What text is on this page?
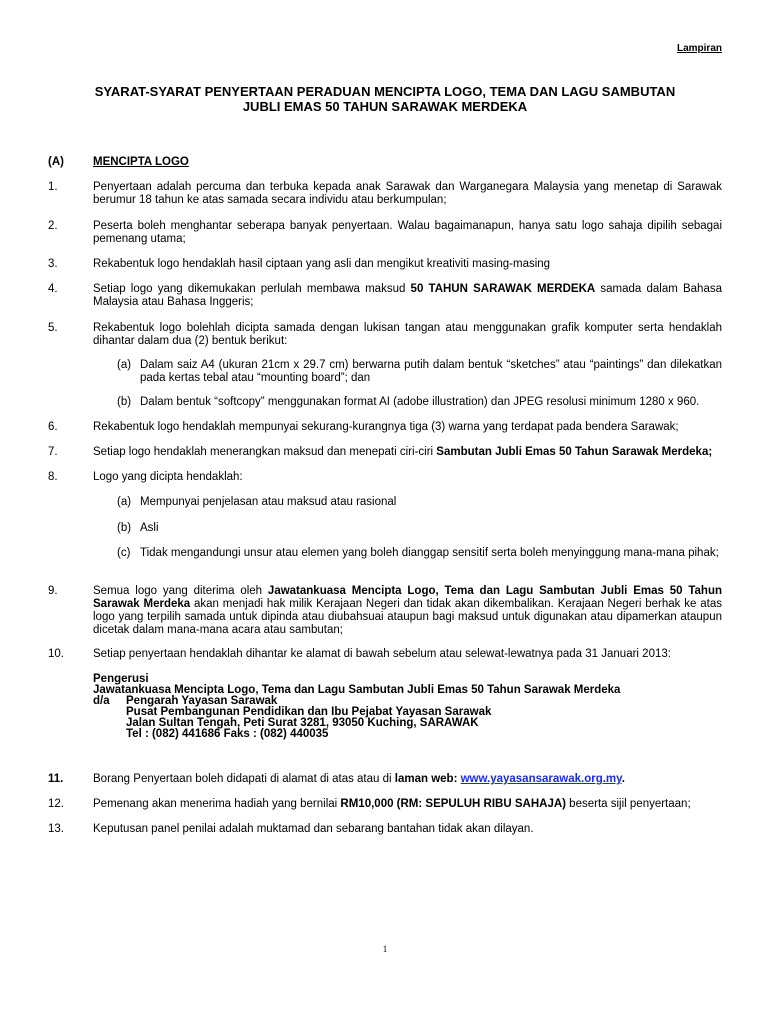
Lampiran
SYARAT-SYARAT PENYERTAAN PERADUAN MENCIPTA LOGO, TEMA DAN LAGU SAMBUTAN
JUBLI EMAS 50 TAHUN SARAWAK MERDEKA
(A)	MENCIPTA LOGO
1.	Penyertaan adalah percuma dan terbuka kepada anak Sarawak dan Warganegara Malaysia yang menetap di Sarawak berumur 18 tahun ke atas samada secara individu atau berkumpulan;
2.	Peserta boleh menghantar seberapa banyak penyertaan. Walau bagaimanapun, hanya satu logo sahaja dipilih sebagai pemenang utama;
3.	Rekabentuk logo hendaklah hasil ciptaan yang asli dan mengikut kreativiti masing-masing
4.	Setiap logo yang dikemukakan perlulah membawa maksud 50 TAHUN SARAWAK MERDEKA samada dalam Bahasa Malaysia atau Bahasa Inggeris;
5.	Rekabentuk logo bolehlah dicipta samada dengan lukisan tangan atau menggunakan grafik komputer serta hendaklah dihantar dalam dua (2) bentuk berikut:
(a) Dalam saiz A4 (ukuran 21cm x 29.7 cm) berwarna putih dalam bentuk “sketches” atau “paintings” dan dilekatkan pada kertas tebal atau “mounting board”; dan
(b) Dalam bentuk “softcopy” menggunakan format AI (adobe illustration) dan JPEG resolusi minimum 1280 x 960.
6.	Rekabentuk logo hendaklah mempunyai sekurang-kurangnya tiga (3) warna yang terdapat pada bendera Sarawak;
7.	Setiap logo hendaklah menerangkan maksud dan menepati ciri-ciri Sambutan Jubli Emas 50 Tahun Sarawak Merdeka;
8.	Logo yang dicipta hendaklah:
(a) Mempunyai penjelasan atau maksud atau rasional
(b) Asli
(c) Tidak mengandungi unsur atau elemen yang boleh dianggap sensitif serta boleh menyinggung mana-mana pihak;
9.	Semua logo yang diterima oleh Jawatankuasa Mencipta Logo, Tema dan Lagu Sambutan Jubli Emas 50 Tahun Sarawak Merdeka akan menjadi hak milik Kerajaan Negeri dan tidak akan dikembalikan. Kerajaan Negeri berhak ke atas logo yang terpilih samada untuk dipinda atau diubahsuai ataupun bagi maksud untuk digunakan atau dipamerkan ataupun dicetak dalam mana-mana acara atau sambutan;
10.	Setiap penyertaan hendaklah dihantar ke alamat di bawah sebelum atau selewat-lewatnya pada 31 Januari 2013:
Pengerusi
Jawatankuasa Mencipta Logo, Tema dan Lagu Sambutan Jubli Emas 50 Tahun Sarawak Merdeka
d/a Pengarah Yayasan Sarawak
Pusat Pembangunan Pendidikan dan Ibu Pejabat Yayasan Sarawak
Jalan Sultan Tengah, Peti Surat 3281, 93050 Kuching, SARAWAK
Tel : (082) 441686 Faks : (082) 440035
11.	Borang Penyertaan boleh didapati di alamat di atas atau di laman web: www.yayasansarawak.org.my.
12.	Pemenang akan menerima hadiah yang bernilai RM10,000 (RM: SEPULUH RIBU SAHAJA) beserta sijil penyertaan;
13.	Keputusan panel penilai adalah muktamad dan sebarang bantahan tidak akan dilayan.
1
